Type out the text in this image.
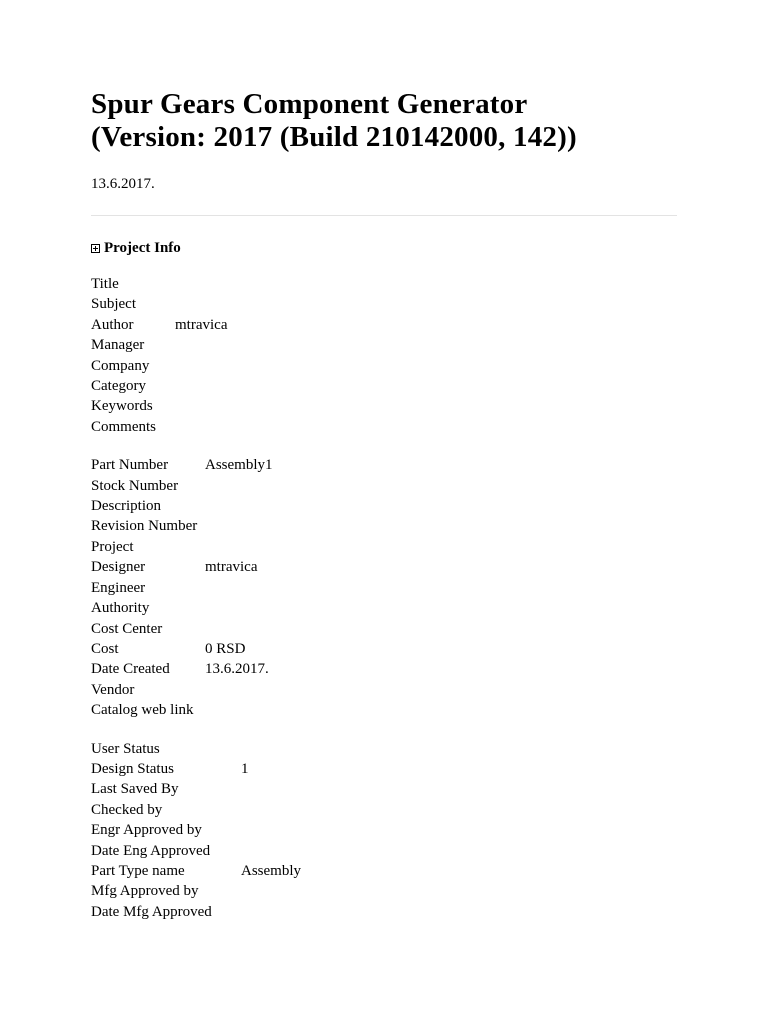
Spur Gears Component Generator
(Version: 2017 (Build 210142000, 142))
13.6.2017.
Project Info
Title	
Subject	
Author	mtravica
Manager	
Company	
Category	
Keywords	
Comments	
Part Number	Assembly1
Stock Number	
Description	
Revision Number	
Project	
Designer	mtravica
Engineer	
Authority	
Cost Center	
Cost	0 RSD
Date Created	13.6.2017.
Vendor	
Catalog web link	
User Status	
Design Status	1
Last Saved By	
Checked by	
Engr Approved by	
Date Eng Approved	
Part Type name	Assembly
Mfg Approved by	
Date Mfg Approved	
